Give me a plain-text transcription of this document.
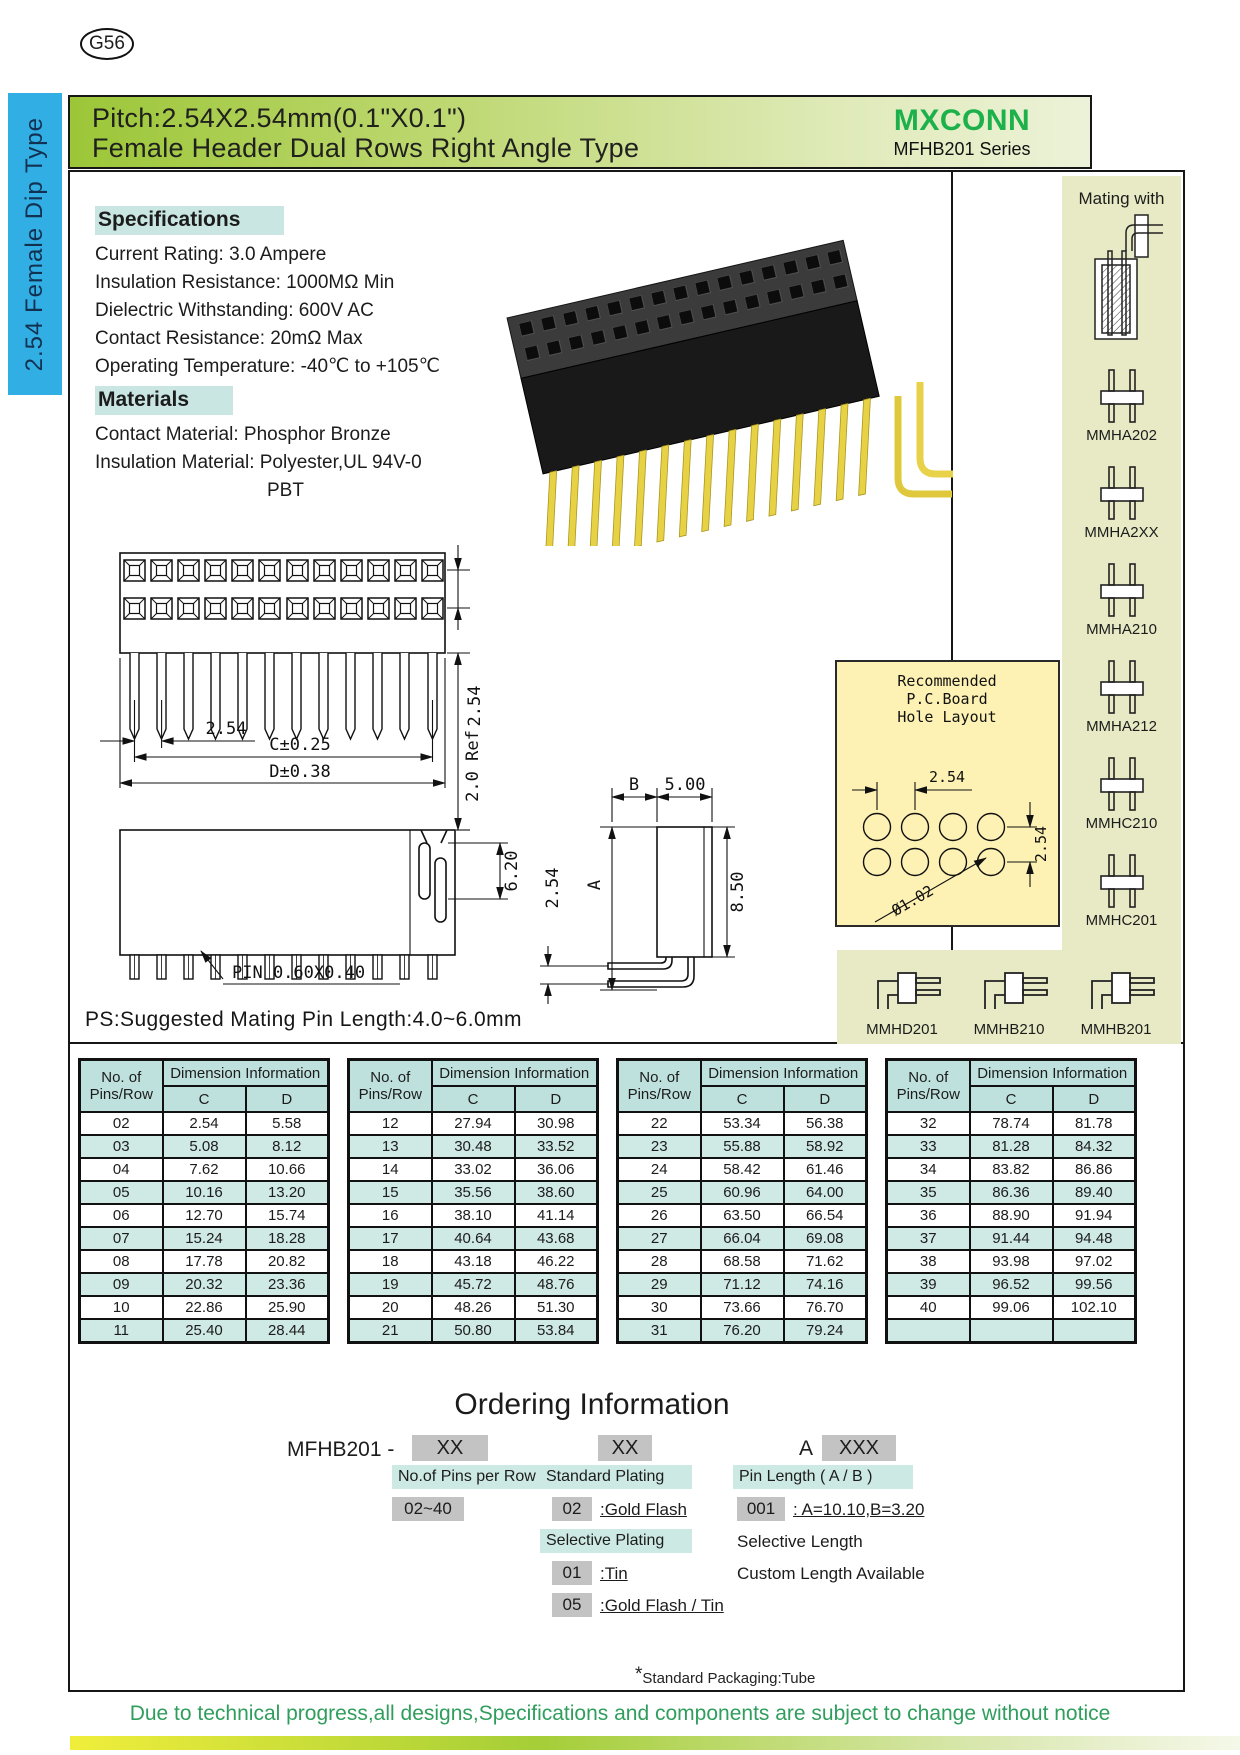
G56
2.54 Female Dip Type Pitch:2.54X2.54mm(0.1"X0.1")
Female Header Dual Rows Right Angle Type
MXCONN
MFHB201 Series
Specifications
Current Rating: 3.0 Ampere
Insulation Resistance: 1000MΩ Min
Dielectric Withstanding: 600V AC
Contact Resistance: 20mΩ Max
Operating Temperature: -40℃ to +105℃
Materials
Contact Material: Phosphor Bronze
Insulation Material: Polyester,UL 94V-0
PBT
2.54
C±0.25
D±0.38
2.54
2.0 Ref
6.20
PIN 0.60X0.40
B 5.00
A
2.54	8.50
PS:Suggested Mating Pin Length:4.0~6.0mm
Recommended
P.C.Board
Hole Layout
2.54
2.54
Ø1.02
Mating with
MMHA202
MMHA2XX
MMHA210
MMHA212
MMHC210
MMHC201
MMHD201 MMHB210 MMHB201
No. of
Pins/Row	Dimension Information	
	C	D
02	2.54	5.58
03	5.08	8.12
04	7.62	10.66
05	10.16	13.20
06	12.70	15.74
07	15.24	18.28
08	17.78	20.82
09	20.32	23.36
10	22.86	25.90
11	25.40	28.44
No. of
Pins/Row	Dimension Information	
	C	D
12	27.94	30.98
13	30.48	33.52
14	33.02	36.06
15	35.56	38.60
16	38.10	41.14
17	40.64	43.68
18	43.18	46.22
19	45.72	48.76
20	48.26	51.30
21	50.80	53.84
No. of
Pins/Row	Dimension Information	
	C	D
22	53.34	56.38
23	55.88	58.92
24	58.42	61.46
25	60.96	64.00
26	63.50	66.54
27	66.04	69.08
28	68.58	71.62
29	71.12	74.16
30	73.66	76.70
31	76.20	79.24
No. of
Pins/Row	Dimension Information	
	C	D
32	78.74	81.78
33	81.28	84.32
34	83.82	86.86
35	86.36	89.40
36	88.90	91.94
37	91.44	94.48
38	93.98	97.02
39	96.52	99.56
40	99.06	102.10

Ordering Information
MFHB201 -	XX	XX	A	XXX
No.of Pins per Row
02~40
Standard Plating
02	:Gold Flash
Selective Plating
01	:Tin
05	:Gold Flash / Tin
Pin Length ( A / B )
001	: A=10.10,B=3.20
Selective Length
Custom Length Available
*Standard Packaging:Tube
Due to technical progress,all designs,Specifications and components are subject to change without notice
